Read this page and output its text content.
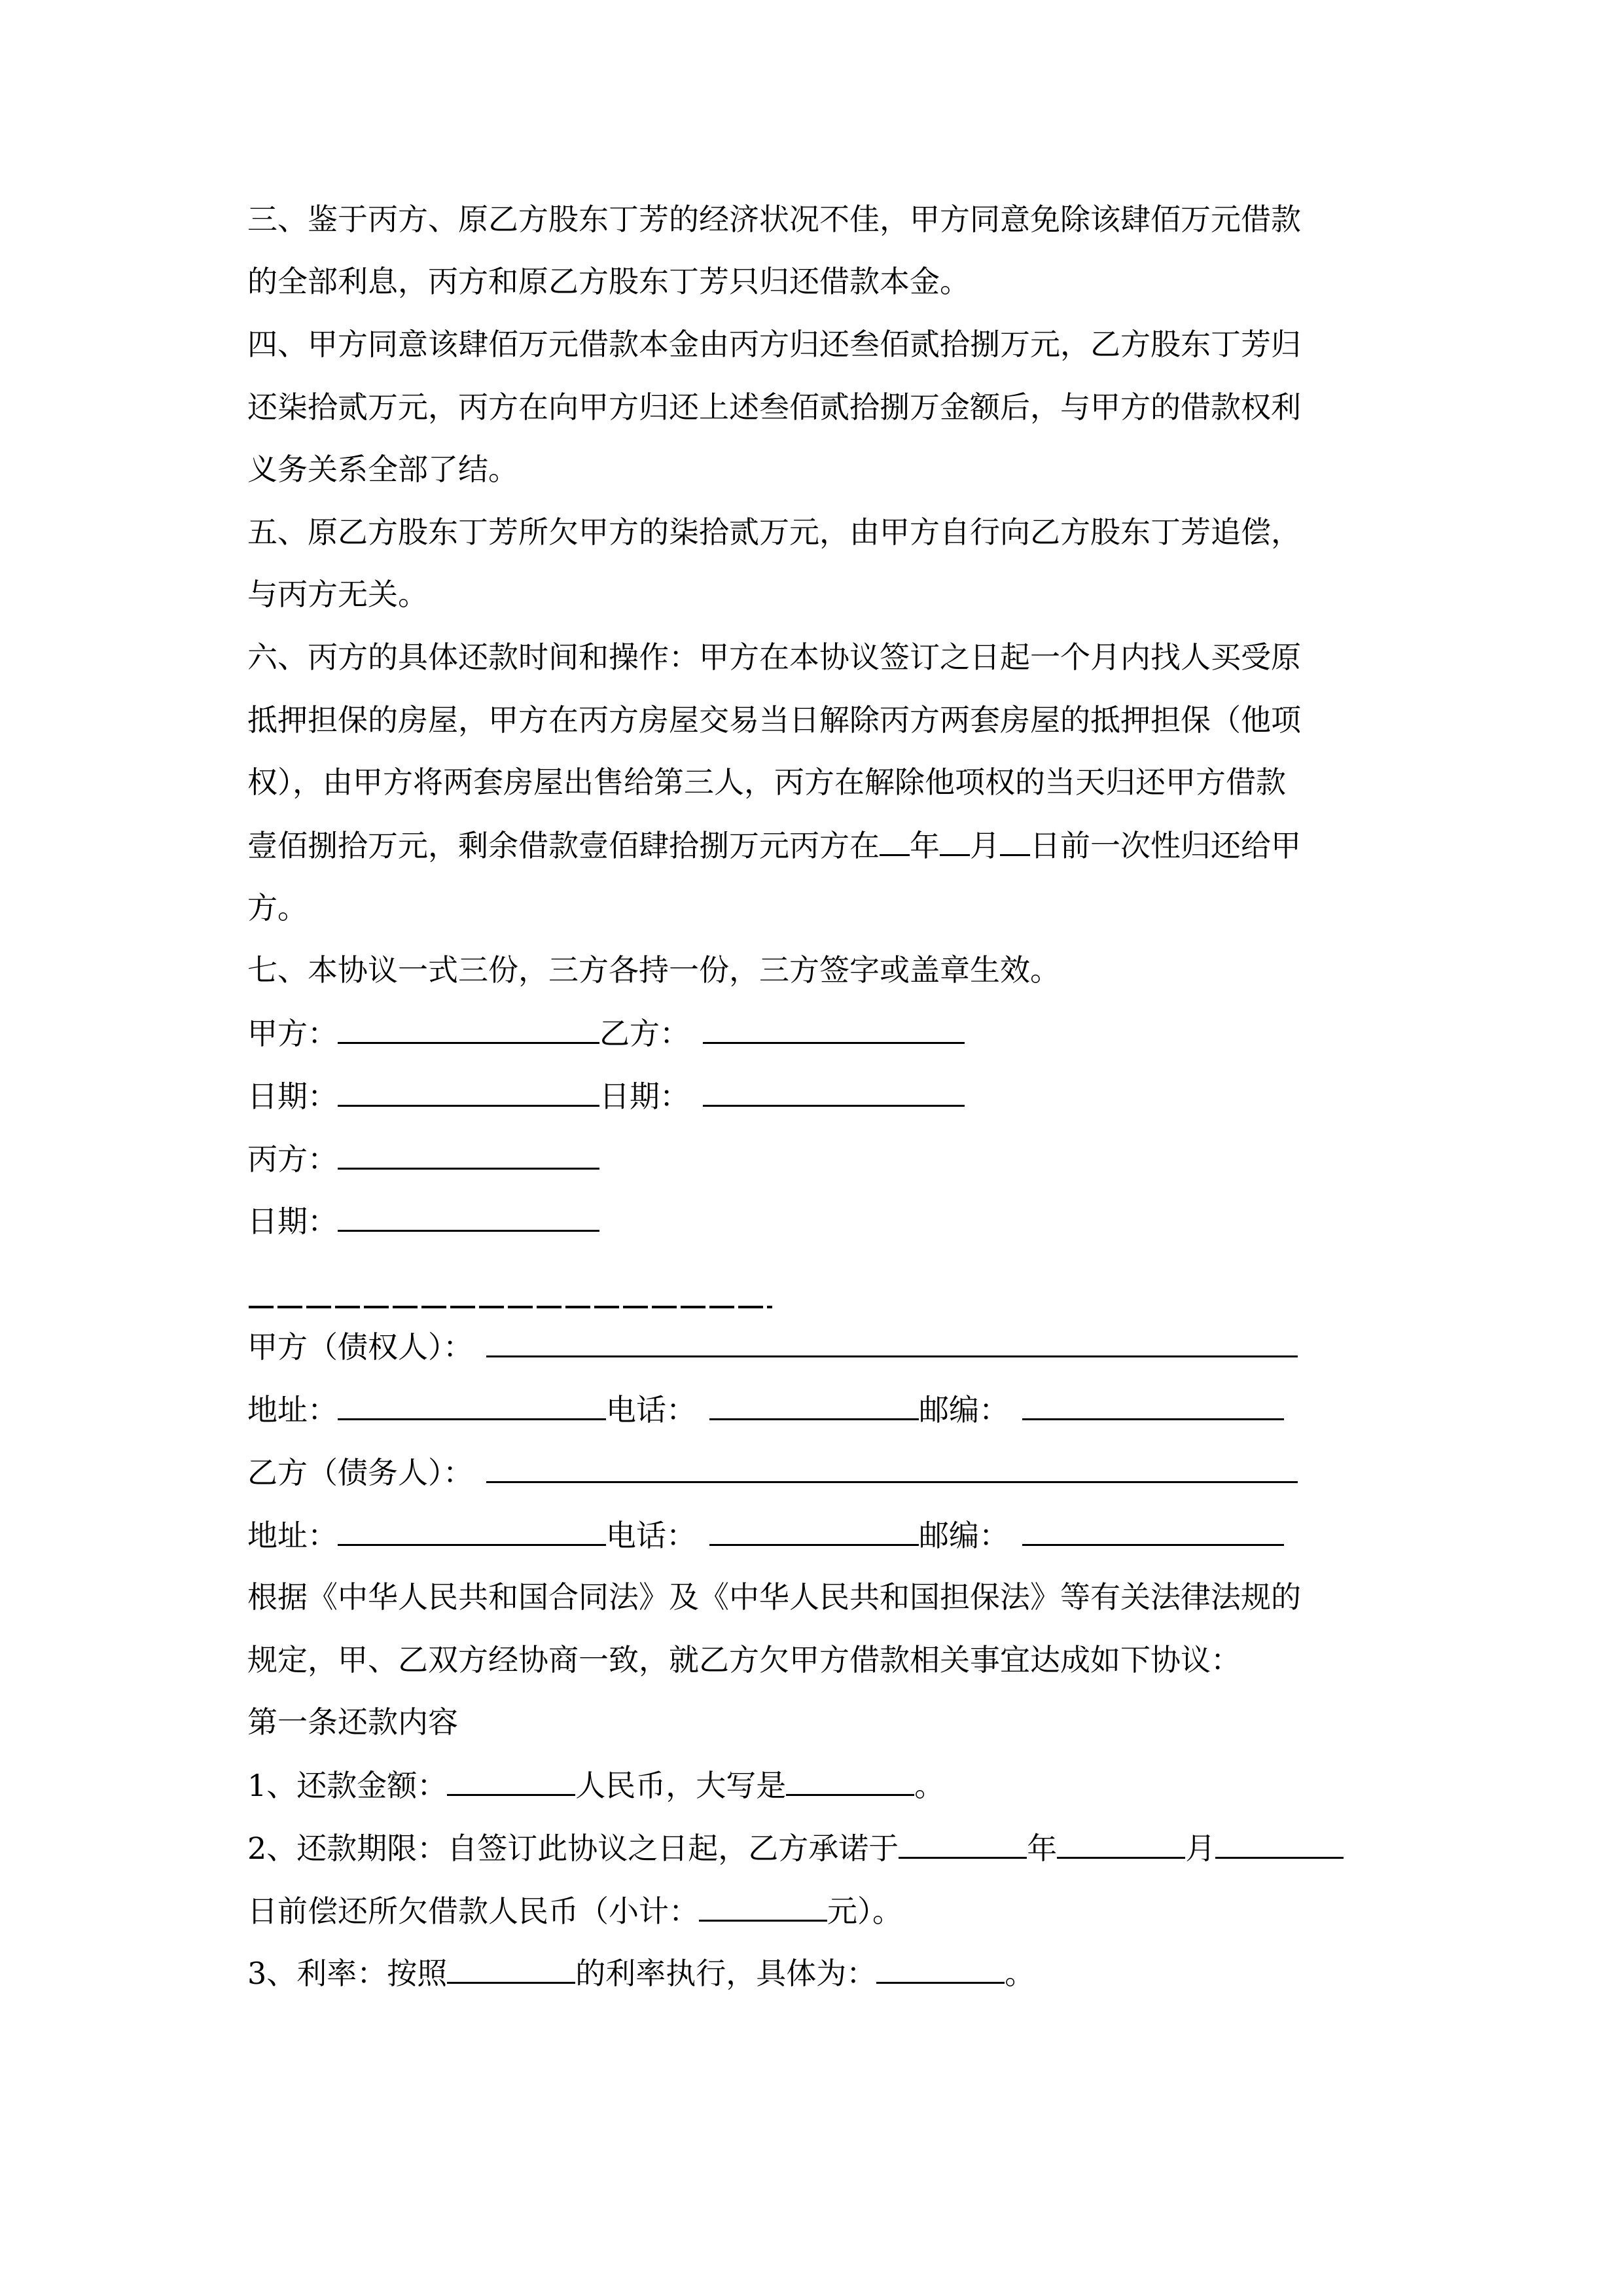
三、鉴于丙方、原乙方股东丁芳的经济状况不佳，甲方同意免除该肆佰万元借款
的全部利息，丙方和原乙方股东丁芳只归还借款本金。
四、甲方同意该肆佰万元借款本金由丙方归还叁佰贰拾捌万元，乙方股东丁芳归
还柒拾贰万元，丙方在向甲方归还上述叁佰贰拾捌万金额后，与甲方的借款权利
义务关系全部了结。
五、原乙方股东丁芳所欠甲方的柒拾贰万元，由甲方自行向乙方股东丁芳追偿，
与丙方无关。
六、丙方的具体还款时间和操作：甲方在本协议签订之日起一个月内找人买受原
抵押担保的房屋，甲方在丙方房屋交易当日解除丙方两套房屋的抵押担保（他项
权），由甲方将两套房屋出售给第三人，丙方在解除他项权的当天归还甲方借款
壹佰捌拾万元，剩余借款壹佰肆拾捌万元丙方在 年 月 日前一次性归还给甲
方。
七、本协议一式三份，三方各持一份，三方签字或盖章生效。
甲方：	乙方：
日期：	日期：
丙方：
日期：
甲方（债权人）：
地址：	电话：	邮编：
乙方（债务人）：
地址：	电话：	邮编：
根据《中华人民共和国合同法》及《中华人民共和国担保法》等有关法律法规的
规定，甲、乙双方经协商一致，就乙方欠甲方借款相关事宜达成如下协议：
第一条还款内容
1、还款金额：	人民币，大写是	。
2、还款期限：自签订此协议之日起，乙方承诺于	年	月
日前偿还所欠借款人民币（小计：	元）。
3、利率：按照	的利率执行，具体为：	。
